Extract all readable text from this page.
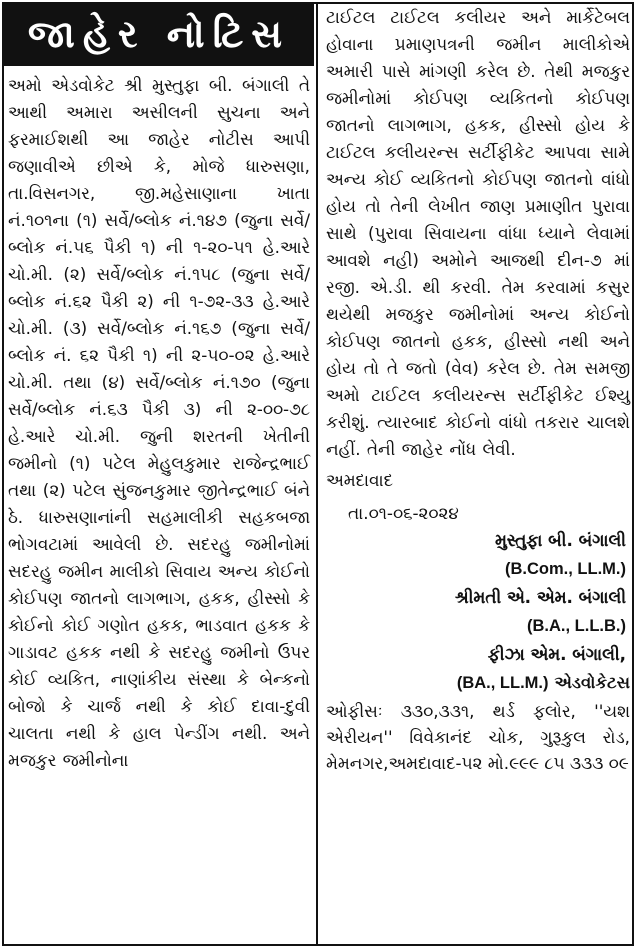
જાહેર નોટિસ
અમો એડવોકેટ શ્રી મુસ્તુફા બી. બંગાલી તે આથી અમારા અસીલની સુચના અને ફરમાઈશથી આ જાહેર નોટીસ આપી જણાવીએ છીએ કે, મોજે ધારુસણા, તા.વિસનગર, જી.મહેસાણાના ખાતા નં.૧૦૧ના (૧) સર્વે/બ્લોક નં.૧૪૭ (જુના સર્વે/બ્લોક નં.૫૬ પૈકી ૧) ની ૧-૨૦-૫૧ હે.આરે ચો.મી. (૨) સર્વે/બ્લોક નં.૧૫૮ (જુના સર્વે/બ્લોક નં.૬૨ પૈકી ૨) ની ૧-૭૨-૩૩ હે.આરે ચો.મી. (૩) સર્વે/બ્લોક નં.૧૬૭ (જુના સર્વે/બ્લોક નં. ૬૨ પૈકી ૧) ની ૨-૫૦-૦૨ હે.આરે ચો.મી. તથા (૪) સર્વે/બ્લોક નં.૧૭૦ (જુના સર્વે/બ્લોક નં.૬૩ પૈકી ૩) ની ૨-૦૦-૭૮ હે.આરે ચો.મી. જુની શરતની ખેતીની જમીનો (૧) પટેલ મેહુલકુમાર રાજેન્દ્રભાઈ તથા (૨) પટેલ સુંજનકુમાર જીતેન્દ્રભાઈ બંને ઠે. ધારુસણાનાંની સહમાલીકી સહકબજા ભોગવટામાં આવેલી છે. સદરહુ જમીનોમાં સદરહુ જમીન માલીકો સિવાય અન્ય કોઈનો કોઈપણ જાતનો લાગભાગ, હકક, હીસ્સો કે કોઈનો કોઈ ગણોત હકક, ભાડવાત હકક કે ગાડાવટ હકક નથી કે સદરહુ જમીનો ઉપર કોઈ વ્યકિત, નાણાંકીય સંસ્થા કે બેન્કનો બોજો કે ચાર્જ નથી કે કોઈ દાવા-દુવી ચાલતા નથી કે હાલ પેન્ડીંગ નથી. અને મજકુર જમીનોના
ટાઈટલ ટાઈટલ કલીયર અને માર્કેટેબલ હોવાના પ્રમાણપત્રની જમીન માલીકોએ અમારી પાસે માંગણી કરેલ છે. તેથી મજકુર જમીનોમાં કોઈપણ વ્યકિતનો કોઈપણ જાતનો લાગભાગ, હકક, હીસ્સો હોય કે ટાઈટલ કલીયરન્સ સર્ટીફીકેટ આપવા સામે અન્ય કોઈ વ્યકિતનો કોઈપણ જાતનો વાંધો હોય તો તેની લેખીત જાણ પ્રમાણીત પુરાવા સાથે (પુરાવા સિવાયના વાંધા ધ્યાને લેવામાં આવશે નહી) અમોને આજથી દીન-૭ માં રજી. એ.ડી. થી કરવી. તેમ કરવામાં કસુર થયેથી મજકુર જમીનોમાં અન્ય કોઈનો કોઈપણ જાતનો હકક, હીસ્સો નથી અને હોય તો તે જતો (વેવ) કરેલ છે. તેમ સમજી અમો ટાઈટલ કલીયરન્સ સર્ટીફીકેટ ઈશ્યુ કરીશું. ત્યારબાદ કોઈનો વાંધો તકરાર ચાલશે નહીં. તેની જાહેર નોંધ લેવી.
અમદાવાદ
તા.૦૧-૦૬-૨૦૨૪
મુસ્તુફા બી. બંગાલી
(B.Com., LL.M.)
શ્રીમતી એ. એમ. બંગાલી
(B.A., L.L.B.)
ફીઝા એમ. બંગાલી,
(BA., LL.M.) એડવોકેટસ
ઓફીસઃ ૩૩૦,૩૩૧, થર્ડ ફલોર, ''યશ એરીયન'' વિવેકાનંદ ચોક, ગુરૂકુલ રોડ, મેમનગર,અમદાવાદ-૫૨ મો.૯૯૯ ૮૫ ૩૩૩ ૦૯
